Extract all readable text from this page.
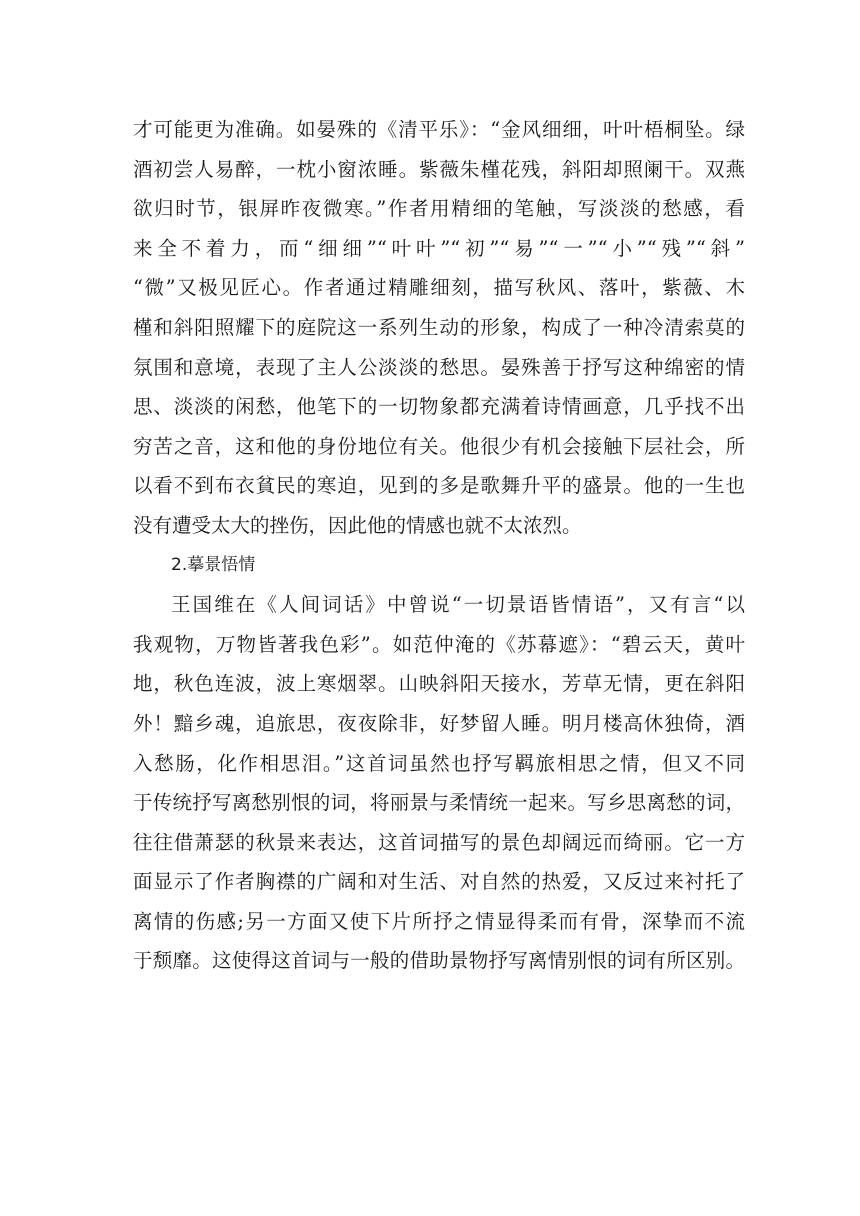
才可能更为准确。如晏殊的《清平乐》：“金风细细，叶叶梧桐坠。绿
酒初尝人易醉，一枕小窗浓睡。紫薇朱槿花残，斜阳却照阑干。双燕
欲归时节，银屏昨夜微寒。”作者用精细的笔触，写淡淡的愁感，看
来全不着力，而“细细”“叶叶”“初”“易”“一”“小”“残”“斜”
“微”又极见匠心。作者通过精雕细刻，描写秋风、落叶，紫薇、木
槿和斜阳照耀下的庭院这一系列生动的形象，构成了一种冷清索莫的
氛围和意境，表现了主人公淡淡的愁思。晏殊善于抒写这种绵密的情
思、淡淡的闲愁，他笔下的一切物象都充满着诗情画意，几乎找不出
穷苦之音，这和他的身份地位有关。他很少有机会接触下层社会，所
以看不到布衣貧民的寒迫，见到的多是歌舞升平的盛景。他的一生也
没有遭受太大的挫伤，因此他的情感也就不太浓烈。
2.摹景悟情
王国维在《人间词话》中曾说“一切景语皆情语”，又有言“以
我观物，万物皆著我色彩”。如范仲淹的《苏幕遮》：“碧云天，黄叶
地，秋色连波，波上寒烟翠。山映斜阳天接水，芳草无情，更在斜阳
外！黯乡魂，追旅思，夜夜除非，好梦留人睡。明月楼高休独倚，酒
入愁肠，化作相思泪。”这首词虽然也抒写羁旅相思之情，但又不同
于传统抒写离愁别恨的词，将丽景与柔情统一起来。写乡思离愁的词，
往往借萧瑟的秋景来表达，这首词描写的景色却阔远而绮丽。它一方
面显示了作者胸襟的广阔和对生活、对自然的热爱，又反过来衬托了
离情的伤感;另一方面又使下片所抒之情显得柔而有骨，深挚而不流
于颓靡。这使得这首词与一般的借助景物抒写离情别恨的词有所区别。
